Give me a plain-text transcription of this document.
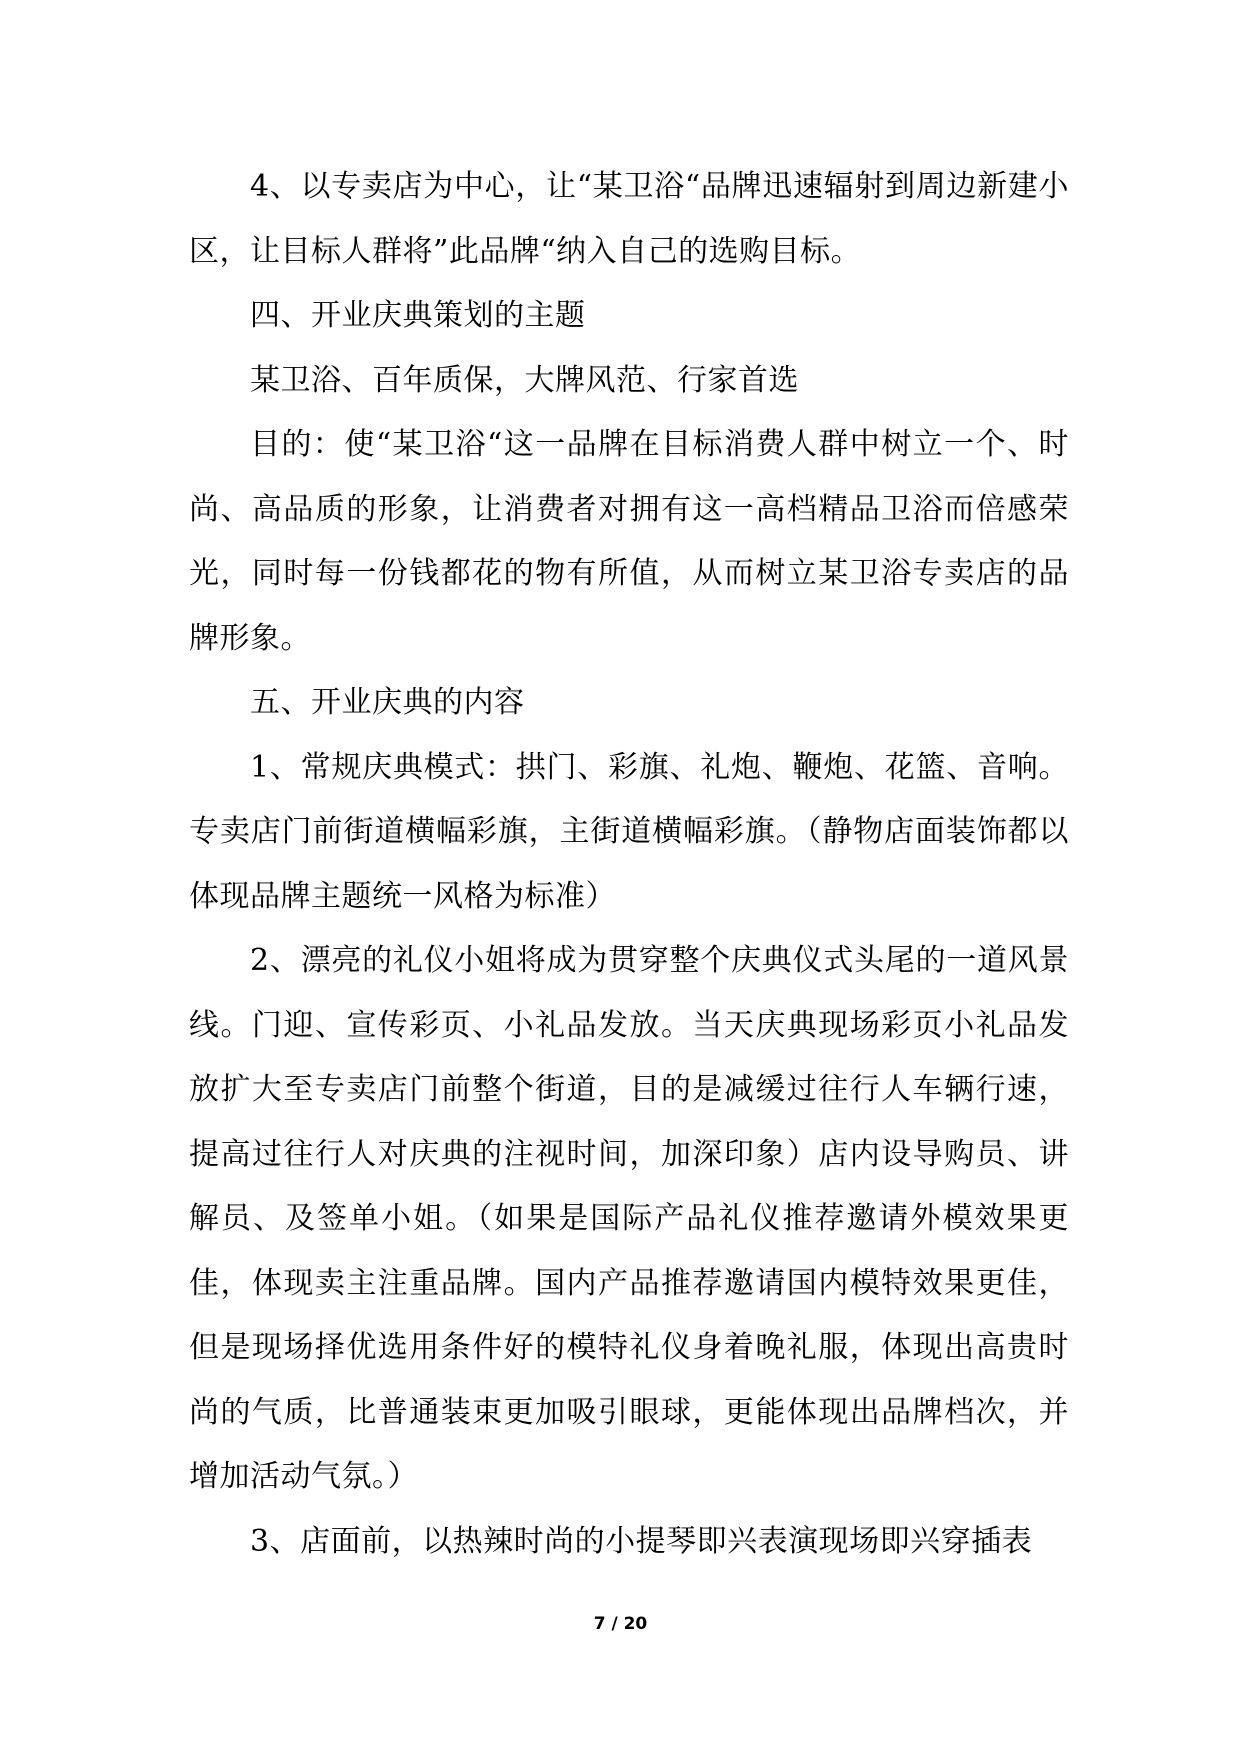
4、以专卖店为中心，让“某卫浴“品牌迅速辐射到周边新建小区，让目标人群将”此品牌“纳入自己的选购目标。

四、开业庆典策划的主题

某卫浴、百年质保，大牌风范、行家首选

目的：使“某卫浴“这一品牌在目标消费人群中树立一个、时尚、高品质的形象，让消费者对拥有这一高档精品卫浴而倍感荣光，同时每一份钱都花的物有所值，从而树立某卫浴专卖店的品牌形象。

五、开业庆典的内容

1、常规庆典模式：拱门、彩旗、礼炮、鞭炮、花篮、音响。专卖店门前街道横幅彩旗，主街道横幅彩旗。（静物店面装饰都以体现品牌主题统一风格为标准）

2、漂亮的礼仪小姐将成为贯穿整个庆典仪式头尾的一道风景线。门迎、宣传彩页、小礼品发放。当天庆典现场彩页小礼品发放扩大至专卖店门前整个街道，目的是减缓过往行人车辆行速，提高过往行人对庆典的注视时间，加深印象）店内设导购员、讲解员、及签单小姐。（如果是国际产品礼仪推荐邀请外模效果更佳，体现卖主注重品牌。国内产品推荐邀请国内模特效果更佳，但是现场择优选用条件好的模特礼仪身着晚礼服，体现出高贵时尚的气质，比普通装束更加吸引眼球，更能体现出品牌档次，并增加活动气氛。）

3、店面前，以热辣时尚的小提琴即兴表演现场即兴穿插表

7 / 20
